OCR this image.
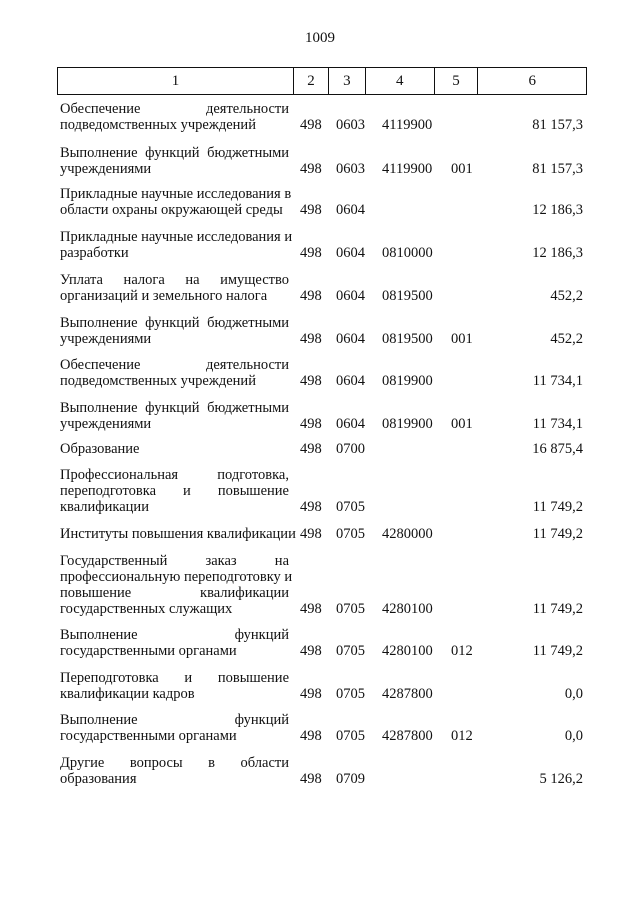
1009
1	2	3	4	5	6
Обеспечение деятельности
подведомственных учреждений	498 0603 4119900	81 157,3
Выполнение функций бюджетными
учреждениями	498 0603 4119900 001	81 157,3
Прикладные научные исследования в
области охраны окружающей среды	498 0604	12 186,3
Прикладные научные исследования и
разработки	498 0604 0810000	12 186,3
Уплата налога на имущество
организаций и земельного налога	498 0604 0819500	452,2
Выполнение функций бюджетными
учреждениями	498 0604 0819500 001	452,2
Обеспечение деятельности
подведомственных учреждений	498 0604 0819900	11 734,1
Выполнение функций бюджетными
учреждениями	498 0604 0819900 001	11 734,1
Образование	498 0700	16 875,4
Профессиональная подготовка,
переподготовка и повышение
квалификации	498 0705	11 749,2
Институты повышения квалификации 498 0705 4280000	11 749,2
Государственный заказ на
профессиональную переподготовку и
повышение квалификации
государственных служащих	498 0705 4280100	11 749,2
Выполнение функций
государственными органами	498 0705 4280100 012	11 749,2
Переподготовка и повышение
квалификации кадров	498 0705 4287800	0,0
Выполнение функций
государственными органами	498 0705 4287800 012	0,0
Другие вопросы в области
образования	498 0709	5 126,2
